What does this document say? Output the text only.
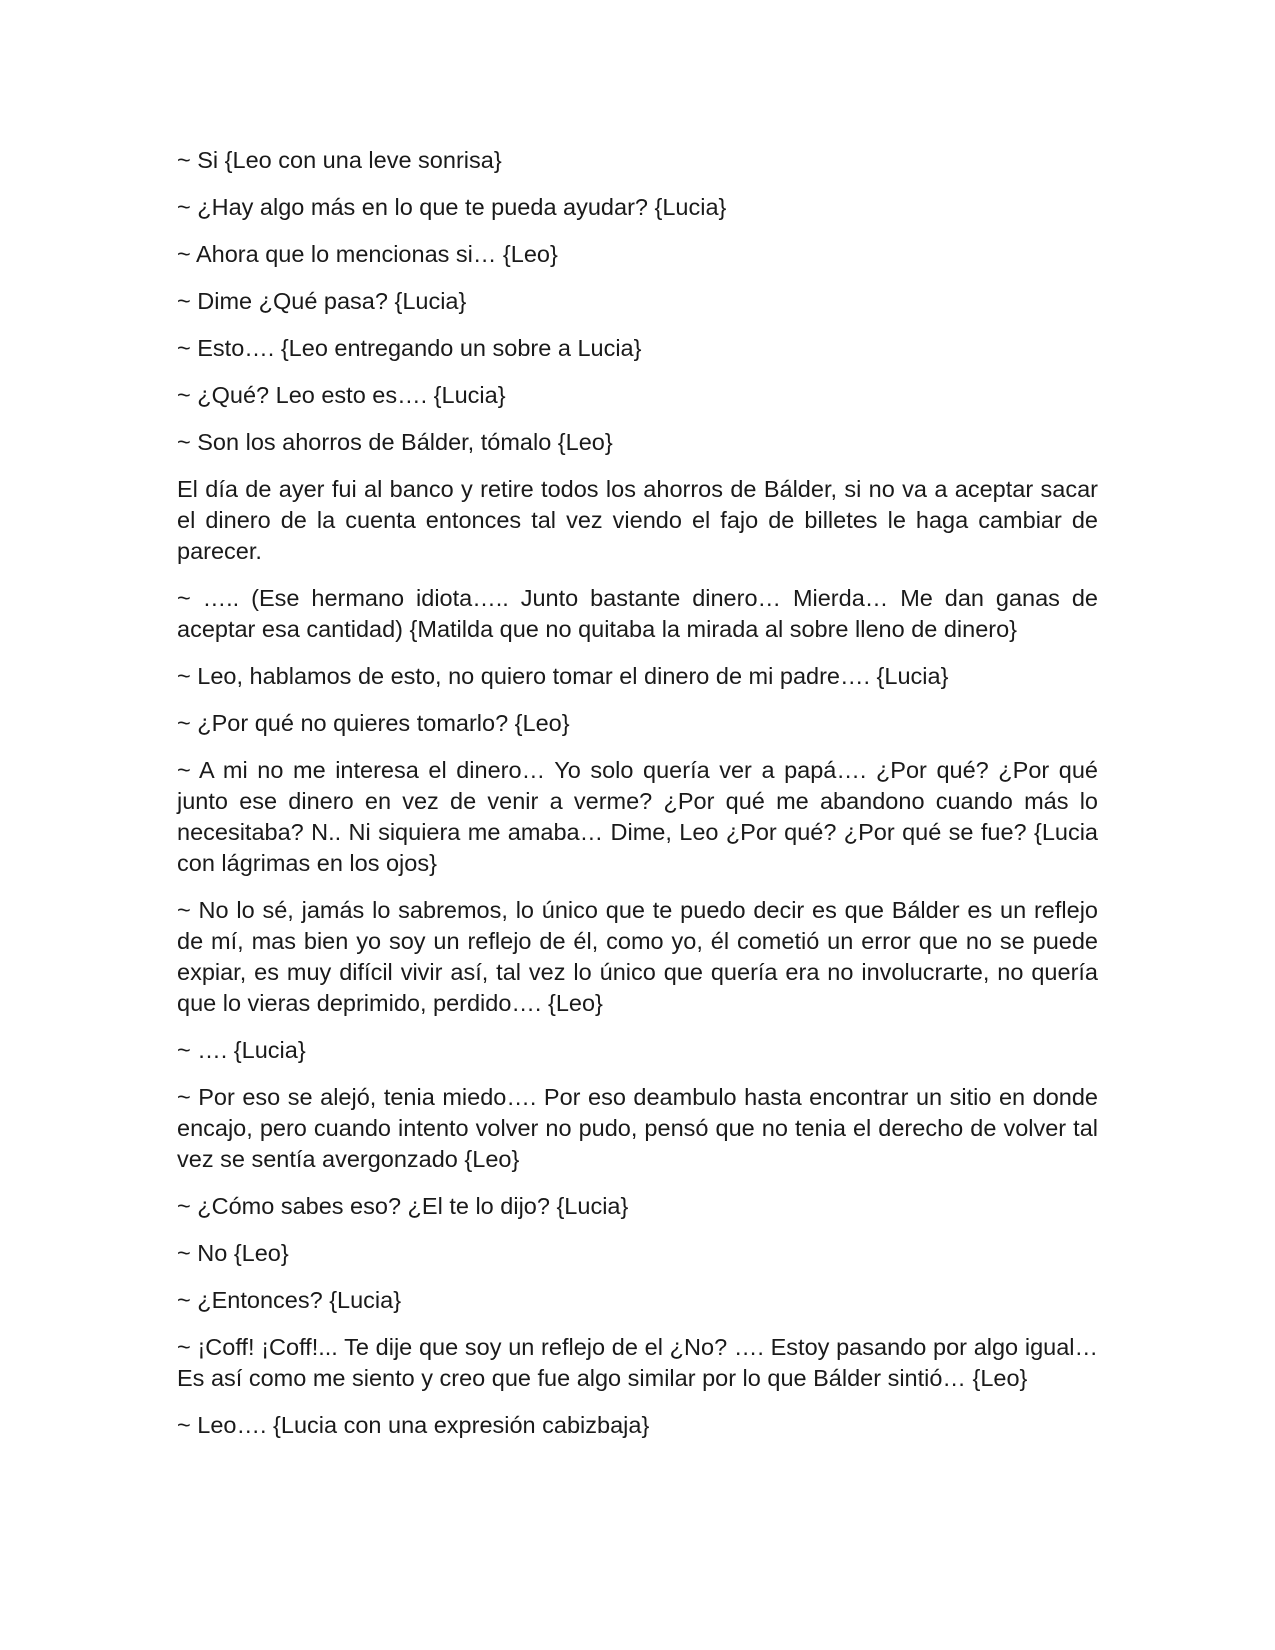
~ Si {Leo con una leve sonrisa}

~ ¿Hay algo más en lo que te pueda ayudar? {Lucia}

~ Ahora que lo mencionas si… {Leo}

~ Dime ¿Qué pasa? {Lucia}

~ Esto…. {Leo entregando un sobre a Lucia}

~ ¿Qué? Leo esto es…. {Lucia}

~ Son los ahorros de Bálder, tómalo {Leo}

El día de ayer fui al banco y retire todos los ahorros de Bálder, si no va a aceptar sacar el dinero de la cuenta entonces tal vez viendo el fajo de billetes le haga cambiar de parecer.

~ ….. (Ese hermano idiota….. Junto bastante dinero… Mierda… Me dan ganas de aceptar esa cantidad) {Matilda que no quitaba la mirada al sobre lleno de dinero}

~ Leo, hablamos de esto, no quiero tomar el dinero de mi padre…. {Lucia}

~ ¿Por qué no quieres tomarlo? {Leo}

~ A mi no me interesa el dinero… Yo solo quería ver a papá…. ¿Por qué? ¿Por qué junto ese dinero en vez de venir a verme? ¿Por qué me abandono cuando más lo necesitaba? N.. Ni siquiera me amaba… Dime, Leo ¿Por qué? ¿Por qué se fue? {Lucia con lágrimas en los ojos}

~ No lo sé, jamás lo sabremos, lo único que te puedo decir es que Bálder es un reflejo de mí, mas bien yo soy un reflejo de él, como yo, él cometió un error que no se puede expiar, es muy difícil vivir así, tal vez lo único que quería era no involucrarte, no quería que lo vieras deprimido, perdido…. {Leo}

~ …. {Lucia}

~ Por eso se alejó, tenia miedo…. Por eso deambulo hasta encontrar un sitio en donde encajo, pero cuando intento volver no pudo, pensó que no tenia el derecho de volver tal vez se sentía avergonzado {Leo}

~ ¿Cómo sabes eso? ¿El te lo dijo? {Lucia}

~ No {Leo}

~ ¿Entonces? {Lucia}

~ ¡Coff! ¡Coff!... Te dije que soy un reflejo de el ¿No? …. Estoy pasando por algo igual… Es así como me siento y creo que fue algo similar por lo que Bálder sintió… {Leo}

~ Leo…. {Lucia con una expresión cabizbaja}
